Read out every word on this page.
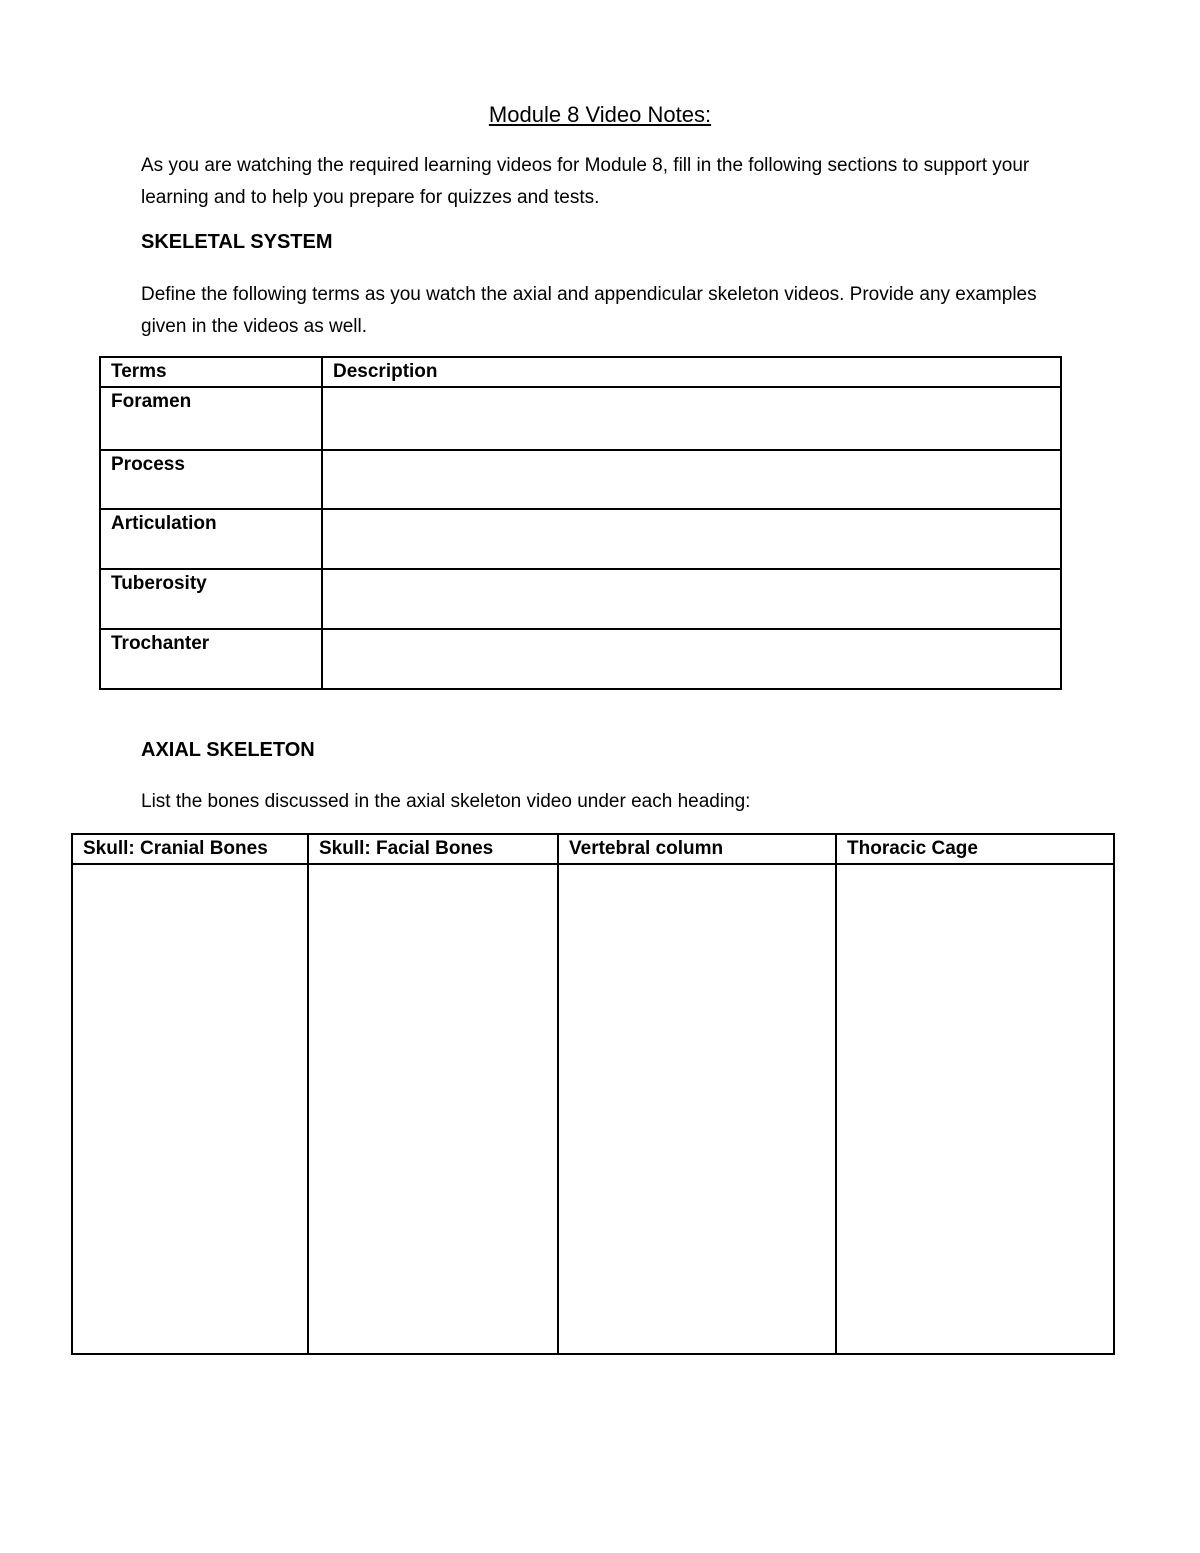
Module 8 Video Notes:

As you are watching the required learning videos for Module 8, fill in the following sections to support your learning and to help you prepare for quizzes and tests.

SKELETAL SYSTEM

Define the following terms as you watch the axial and appendicular skeleton videos. Provide any examples given in the videos as well.

Terms	Description
Foramen	
Process	
Articulation	
Tuberosity	
Trochanter	
AXIAL SKELETON

List the bones discussed in the axial skeleton video under each heading:

Skull: Cranial Bones	Skull: Facial Bones	Vertebral column	Thoracic Cage
